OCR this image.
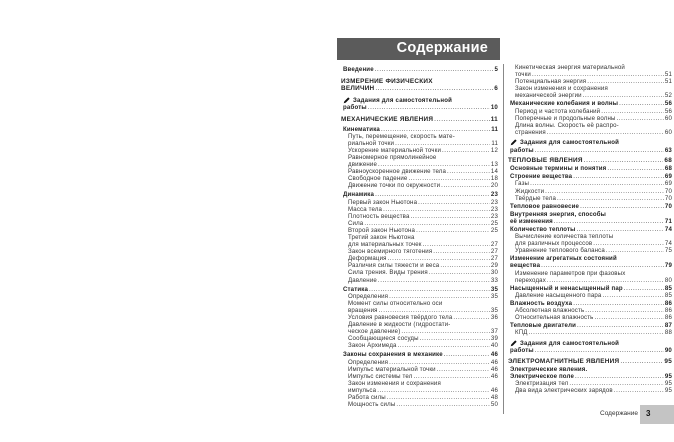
Содержание
Введение .....	5
ИЗМЕРЕНИЕ ФИЗИЧЕСКИХ
ВЕЛИЧИН .....	6
Задания для самостоятельной
работы .....	10
МЕХАНИЧЕСКИЕ ЯВЛЕНИЯ .....	11
Кинематика .....	11
Путь, перемещение, скорость мате-
риальной точки .....	11
Ускорение материальной точки .....	12
Равномерное прямолинейное
движение .....	13
Равноускоренное движение тела .....	14
Свободное падение .....	18
Движение точки по окружности .....	20
Динамика .....	23
Первый закон Ньютона .....	23
Масса тела .....	23
Плотность вещества .....	23
Сила .....	25
Второй закон Ньютона .....	25
Третий закон Ньютона
для материальных точек .....	27
Закон всемирного тяготения .....	27
Деформация .....	27
Различия силы тяжести и веса .....	29
Сила трения. Виды трения .....	30
Давление .....	33
Статика .....	35
Определения .....	35
Момент силы относительно оси
вращения .....	35
Условия равновесия твёрдого тела .....	36
Давление в жидкости (гидростати-
ческое давление) .....	37
Сообщающиеся сосуды .....	39
Закон Архимеда .....	40
Законы сохранения в механике .....	46
Определения .....	46
Импульс материальной точки .....	46
Импульс системы тел .....	46
Закон изменения и сохранения
импульса .....	46
Работа силы .....	48
Мощность силы .....	50
Кинетическая энергия материальной
точки .....	51
Потенциальная энергия .....	51
Закон изменения и сохранения
механической энергии .....	52
Механические колебания и волны .....	56
Период и частота колебаний .....	56
Поперечные и продольные волны .....	60
Длина волны. Скорость её распро-
странения .....	60
Задания для самостоятельной
работы .....	63
ТЕПЛОВЫЕ ЯВЛЕНИЯ .....	68
Основные термины и понятия .....	68
Строение вещества .....	69
Газы .....	69
Жидкости .....	70
Твёрдые тела .....	70
Тепловое равновесие .....	70
Внутренняя энергия, способы
её изменения .....	71
Количество теплоты .....	74
Вычисление количества теплоты
для различных процессов .....	74
Уравнение теплового баланса .....	75
Изменение агрегатных состояний
вещества .....	79
Изменение параметров при фазовых
переходах .....	80
Насыщенный и ненасыщенный пар .....	85
Давление насыщенного пара .....	85
Влажность воздуха .....	86
Абсолютная влажность .....	86
Относительная влажность .....	86
Тепловые двигатели .....	87
КПД .....	88
Задания для самостоятельной
работы .....	90
ЭЛЕКТРОМАГНИТНЫЕ ЯВЛЕНИЯ .....	95
Электрические явления.
Электрическое поле .....	95
Электризация тел .....	95
Два вида электрических зарядов .....	95
Содержание 3
